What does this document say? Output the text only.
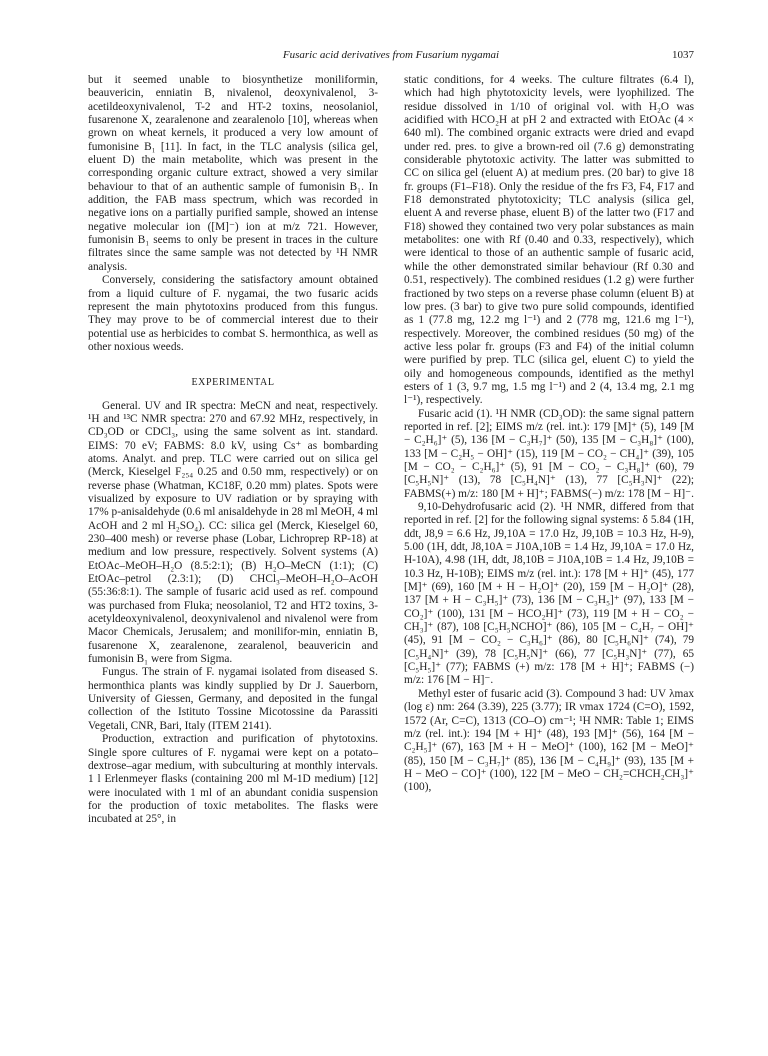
Fusaric acid derivatives from Fusarium nygamai	1037

but it seemed unable to biosynthetize moniliformin, beauvericin, enniatin B, nivalenol, deoxynivalenol, 3-acetildeoxynivalenol, T-2 and HT-2 toxins, neosolaniol, fusarenone X, zearalenone and zearalenolo [10], whereas when grown on wheat kernels, it produced a very low amount of fumonisine B₁ [11]. In fact, in the TLC analysis (silica gel, eluent D) the main metabolite, which was present in the corresponding organic culture extract, showed a very similar behaviour to that of an authentic sample of fumonisin B₁. In addition, the FAB mass spectrum, which was recorded in negative ions on a partially purified sample, showed an intense negative molecular ion ([M]⁻) ion at m/z 721. However, fumonisin B₁ seems to only be present in traces in the culture filtrates since the same sample was not detected by ¹H NMR analysis.

Conversely, considering the satisfactory amount obtained from a liquid culture of F. nygamai, the two fusaric acids represent the main phytotoxins produced from this fungus. They may prove to be of commercial interest due to their potential use as herbicides to combat S. hermonthica, as well as other noxious weeds.

EXPERIMENTAL

General. UV and IR spectra: MeCN and neat, respectively. ¹H and ¹³C NMR spectra: 270 and 67.92 MHz, respectively, in CD₃OD or CDCl₃, using the same solvent as int. standard. EIMS: 70 eV; FABMS: 8.0 kV, using Cs⁺ as bombarding atoms. Analyt. and prep. TLC were carried out on silica gel (Merck, Kieselgel F₂₅₄ 0.25 and 0.50 mm, respectively) or on reverse phase (Whatman, KC18F, 0.20 mm) plates. Spots were visualized by exposure to UV radiation or by spraying with 17% p-anisaldehyde (0.6 ml anisaldehyde in 28 ml MeOH, 4 ml AcOH and 2 ml H₂SO₄). CC: silica gel (Merck, Kieselgel 60, 230–400 mesh) or reverse phase (Lobar, Lichroprep RP-18) at medium and low pressure, respectively. Solvent systems (A) EtOAc–MeOH–H₂O (8.5:2:1); (B) H₂O–MeCN (1:1); (C) EtOAc–petrol (2.3:1); (D) CHCl₃–MeOH–H₂O–AcOH (55:36:8:1). The sample of fusaric acid used as ref. compound was purchased from Fluka; neosolaniol, T2 and HT2 toxins, 3-acetyldeoxynivalenol, deoxynivalenol and nivalenol were from Macor Chemicals, Jerusalem; and monilifor-min, enniatin B, fusarenone X, zearalenone, zearalenol, beauvericin and fumonisin B₁ were from Sigma.

Fungus. The strain of F. nygamai isolated from diseased S. hermonthica plants was kindly supplied by Dr J. Sauerborn, University of Giessen, Germany, and deposited in the fungal collection of the Istituto Tossine Micotossine da Parassiti Vegetali, CNR, Bari, Italy (ITEM 2141).

Production, extraction and purification of phytotoxins. Single spore cultures of F. nygamai were kept on a potato–dextrose–agar medium, with subculturing at monthly intervals. 1 l Erlenmeyer flasks (containing 200 ml M-1D medium) [12] were inoculated with 1 ml of an abundant conidia suspension for the production of toxic metabolites. The flasks were incubated at 25°, in

static conditions, for 4 weeks. The culture filtrates (6.4 l), which had high phytotoxicity levels, were lyophilized. The residue dissolved in 1/10 of original vol. with H₂O was acidified with HCO₂H at pH 2 and extracted with EtOAc (4 × 640 ml). The combined organic extracts were dried and evapd under red. pres. to give a brown-red oil (7.6 g) demonstrating considerable phytotoxic activity. The latter was submitted to CC on silica gel (eluent A) at medium pres. (20 bar) to give 18 fr. groups (F1–F18). Only the residue of the frs F3, F4, F17 and F18 demonstrated phytotoxicity; TLC analysis (silica gel, eluent A and reverse phase, eluent B) of the latter two (F17 and F18) showed they contained two very polar substances as main metabolites: one with Rf (0.40 and 0.33, respectively), which were identical to those of an authentic sample of fusaric acid, while the other demonstrated similar behaviour (Rf 0.30 and 0.51, respectively). The combined residues (1.2 g) were further fractioned by two steps on a reverse phase column (eluent B) at low pres. (3 bar) to give two pure solid compounds, identified as 1 (77.8 mg, 12.2 mg l⁻¹) and 2 (778 mg, 121.6 mg l⁻¹), respectively. Moreover, the combined residues (50 mg) of the active less polar fr. groups (F3 and F4) of the initial column were purified by prep. TLC (silica gel, eluent C) to yield the oily and homogeneous compounds, identified as the methyl esters of 1 (3, 9.7 mg, 1.5 mg l⁻¹) and 2 (4, 13.4 mg, 2.1 mg l⁻¹), respectively.

Fusaric acid (1). ¹H NMR (CD₃OD): the same signal pattern reported in ref. [2]; EIMS m/z (rel. int.): 179 [M]⁺ (5), 149 [M − C₂H₆]⁺ (5), 136 [M − C₃H₇]⁺ (50), 135 [M − C₃H₈]⁺ (100), 133 [M − C₂H₅ − OH]⁺ (15), 119 [M − CO₂ − CH₄]⁺ (39), 105 [M − CO₂ − C₂H₆]⁺ (5), 91 [M − CO₂ − C₃H₈]⁺ (60), 79 [C₅H₅N]⁺ (13), 78 [C₅H₄N]⁺ (13), 77 [C₅H₃N]⁺ (22); FABMS(+) m/z: 180 [M + H]⁺; FABMS(−) m/z: 178 [M − H]⁻.

9,10-Dehydrofusaric acid (2). ¹H NMR, differed from that reported in ref. [2] for the following signal systems: δ 5.84 (1H, ddt, J8,9 = 6.6 Hz, J9,10A = 17.0 Hz, J9,10B = 10.3 Hz, H-9), 5.00 (1H, ddt, J8,10A = J10A,10B = 1.4 Hz, J9,10A = 17.0 Hz, H-10A), 4.98 (1H, ddt, J8,10B = J10A,10B = 1.4 Hz, J9,10B = 10.3 Hz, H-10B); EIMS m/z (rel. int.): 178 [M + H]⁺ (45), 177 [M]⁺ (69), 160 [M + H − H₂O]⁺ (20), 159 [M − H₂O]⁺ (28), 137 [M + H − C₃H₅]⁺ (73), 136 [M − C₃H₅]⁺ (97), 133 [M − CO₂]⁺ (100), 131 [M − HCO₂H]⁺ (73), 119 [M + H − CO₂ − CH₃]⁺ (87), 108 [C₅H₅NCHO]⁺ (86), 105 [M − C₄H₇ − OH]⁺ (45), 91 [M − CO₂ − C₃H₆]⁺ (86), 80 [C₅H₆N]⁺ (74), 79 [C₅H₄N]⁺ (39), 78 [C₅H₅N]⁺ (66), 77 [C₅H₃N]⁺ (77), 65 [C₅H₅]⁺ (77); FABMS (+) m/z: 178 [M + H]⁺; FABMS (−) m/z: 176 [M − H]⁻.

Methyl ester of fusaric acid (3). Compound 3 had: UV λmax (log ε) nm: 264 (3.39), 225 (3.77); IR νmax 1724 (C=O), 1592, 1572 (Ar, C=C), 1313 (CO–O) cm⁻¹; ¹H NMR: Table 1; EIMS m/z (rel. int.): 194 [M + H]⁺ (48), 193 [M]⁺ (56), 164 [M − C₂H₅]⁺ (67), 163 [M + H − MeO]⁺ (100), 162 [M − MeO]⁺ (85), 150 [M − C₃H₇]⁺ (85), 136 [M − C₄H₉]⁺ (93), 135 [M + H − MeO − CO]⁺ (100), 122 [M − MeO − CH₂=CHCH₂CH₃]⁺ (100),
